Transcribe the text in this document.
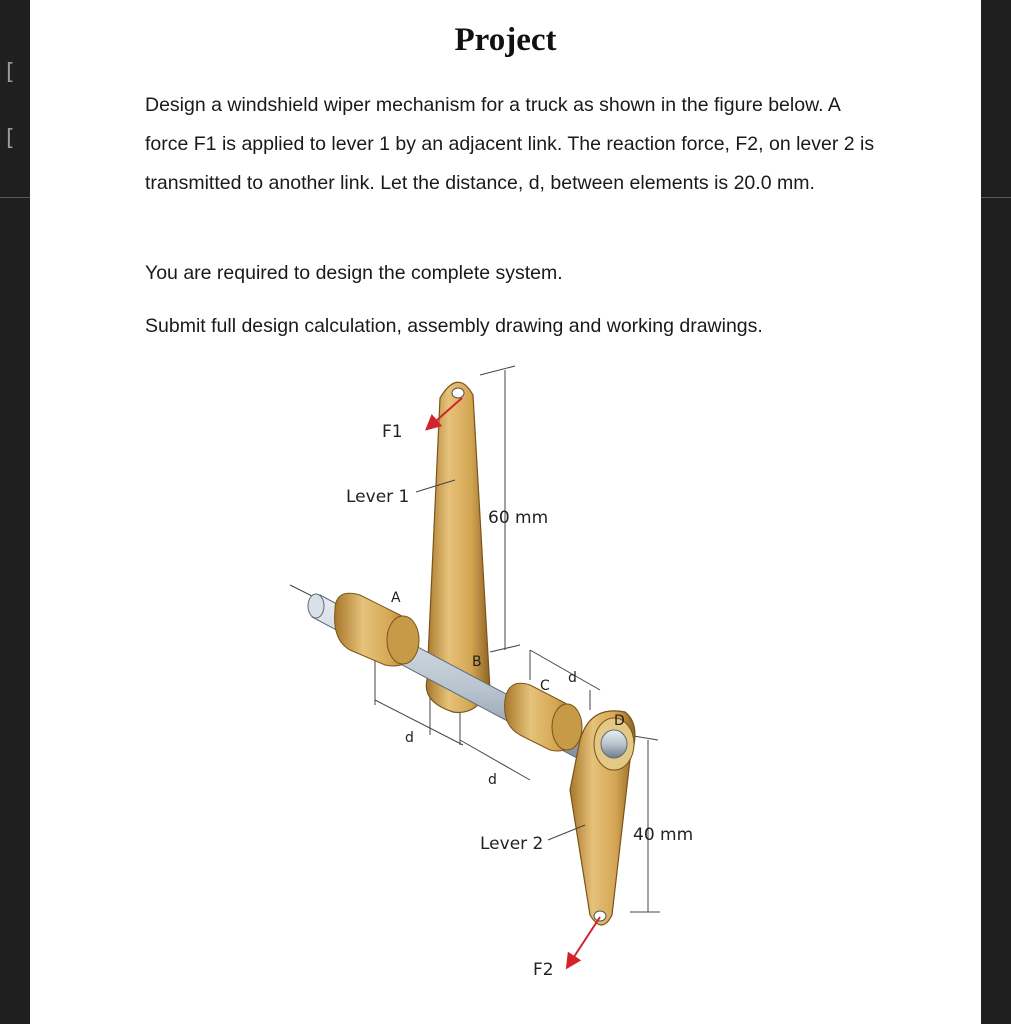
[
[
Project
Design a windshield wiper mechanism for a truck as shown in the figure below. A force F1 is applied to lever 1 by an adjacent link. The reaction force, F2, on lever 2 is transmitted to another link. Let the distance, d, between elements is 20.0 mm.
You are required to design the complete system.
Submit full design calculation, assembly drawing and working drawings.
F1
Lever 1
60 mm
A
B
C
D
d
d
d
40 mm
Lever 2
F2
